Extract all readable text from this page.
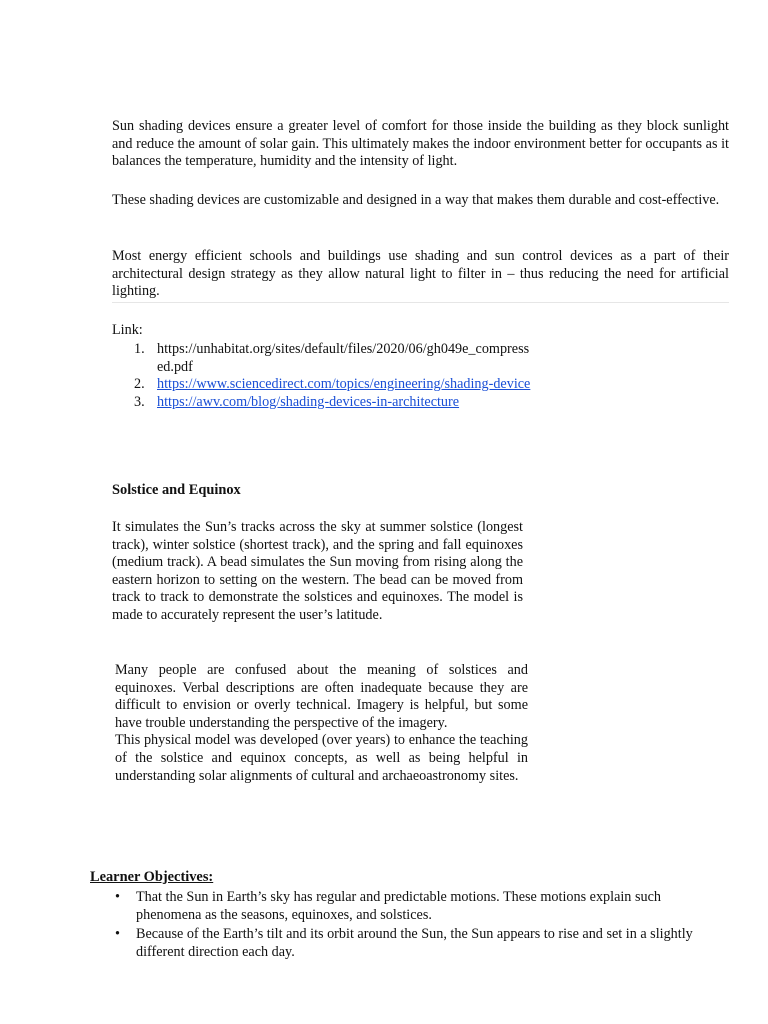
Sun shading devices ensure a greater level of comfort for those inside the building as they block sunlight and reduce the amount of solar gain. This ultimately makes the indoor environment better for occupants as it balances the temperature, humidity and the intensity of light.

These shading devices are customizable and designed in a way that makes them durable and cost-effective.

Most energy efficient schools and buildings use shading and sun control devices as a part of their architectural design strategy as they allow natural light to filter in – thus reducing the need for artificial lighting.

Link:
1. https://unhabitat.org/sites/default/files/2020/06/gh049e_compressed.pdf
2. https://www.sciencedirect.com/topics/engineering/shading-device
3. https://awv.com/blog/shading-devices-in-architecture
Solstice and Equinox

It simulates the Sun’s tracks across the sky at summer solstice (longest track), winter solstice (shortest track), and the spring and fall equinoxes (medium track). A bead simulates the Sun moving from rising along the eastern horizon to setting on the western. The bead can be moved from track to track to demonstrate the solstices and equinoxes. The model is made to accurately represent the user’s latitude.

Many people are confused about the meaning of solstices and equinoxes. Verbal descriptions are often inadequate because they are difficult to envision or overly technical. Imagery is helpful, but some have trouble understanding the perspective of the imagery.

This physical model was developed (over years) to enhance the teaching of the solstice and equinox concepts, as well as being helpful in understanding solar alignments of cultural and archaeoastronomy sites.

Learner Objectives:
• That the Sun in Earth’s sky has regular and predictable motions. These motions explain such phenomena as the seasons, equinoxes, and solstices.
• Because of the Earth’s tilt and its orbit around the Sun, the Sun appears to rise and set in a slightly different direction each day.
